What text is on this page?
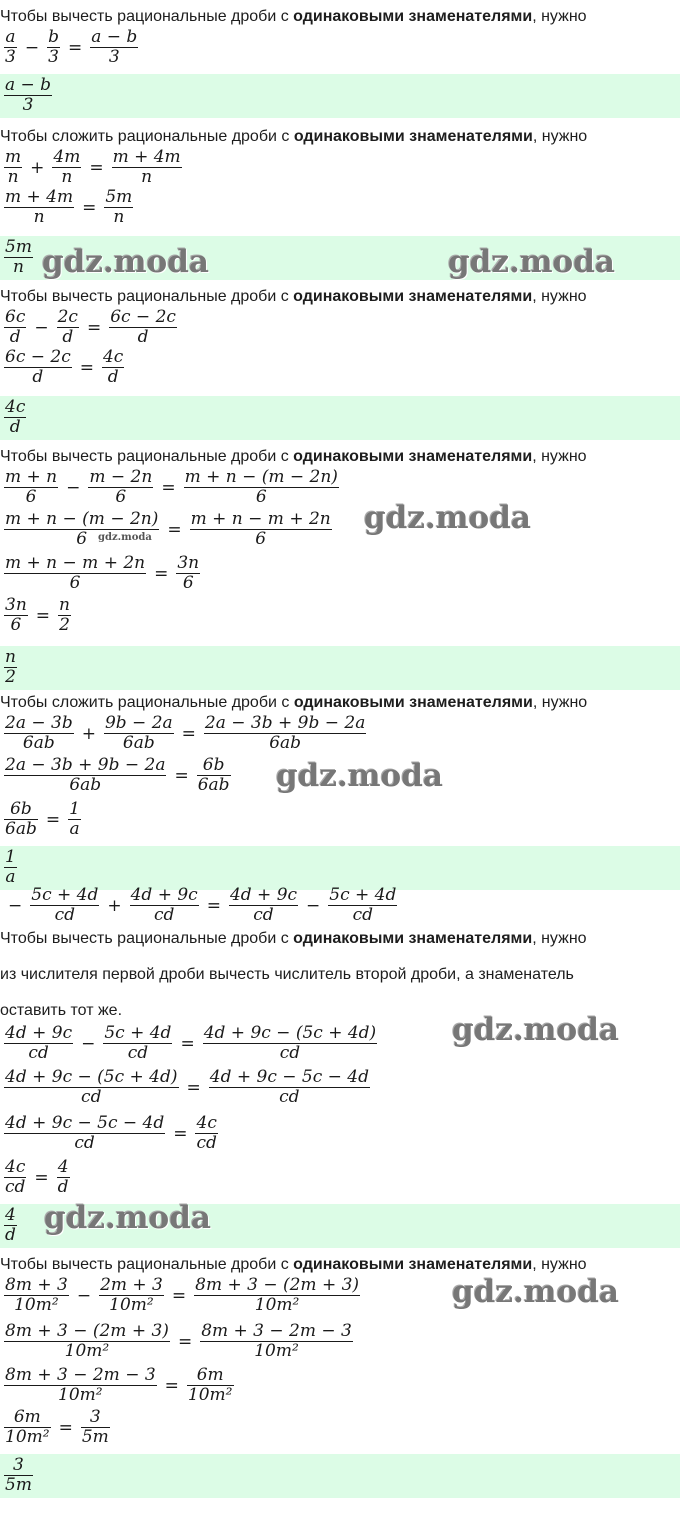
Чтобы вычесть рациональные дроби с одинаковыми знаменателями, нужно
$\frac{a}{3} - \frac{b}{3} = \frac{a - b}{3}$
$\frac{a - b}{3}$
Чтобы сложить рациональные дроби с одинаковыми знаменателями, нужно
$\frac{m}{n} + \frac{4m}{n} = \frac{m + 4m}{n}$
$\frac{m + 4m}{n} = \frac{5m}{n}$
$\frac{5m}{n}$
Чтобы вычесть рациональные дроби с одинаковыми знаменателями, нужно
$\frac{6c}{d} - \frac{2c}{d} = \frac{6c - 2c}{d}$
$\frac{6c - 2c}{d} = \frac{4c}{d}$
$\frac{4c}{d}$
Чтобы вычесть рациональные дроби с одинаковыми знаменателями, нужно
$\frac{m + n}{6} - \frac{m - 2n}{6} = \frac{m + n - (m - 2n)}{6}$
$\frac{m + n - (m - 2n)}{6} = \frac{m + n - m + 2n}{6}$
$\frac{m + n - m + 2n}{6} = \frac{3n}{6}$
$\frac{3n}{6} = \frac{n}{2}$
$\frac{n}{2}$
Чтобы сложить рациональные дроби с одинаковыми знаменателями, нужно
$\frac{2a - 3b}{6ab} + \frac{9b - 2a}{6ab} = \frac{2a - 3b + 9b - 2a}{6ab}$
$\frac{2a - 3b + 9b - 2a}{6ab} = \frac{6b}{6ab}$
$\frac{6b}{6ab} = \frac{1}{a}$
$\frac{1}{a}$
− $\frac{5c + 4d}{cd} + \frac{4d + 9c}{cd} = \frac{4d + 9c}{cd} - \frac{5c + 4d}{cd}$
Чтобы вычесть рациональные дроби с одинаковыми знаменателями, нужно
из числителя первой дроби вычесть числитель второй дроби, а знаменатель
оставить тот же.
$\frac{4d + 9c}{cd} - \frac{5c + 4d}{cd} = \frac{4d + 9c - (5c + 4d)}{cd}$
$\frac{4d + 9c - (5c + 4d)}{cd} = \frac{4d + 9c - 5c - 4d}{cd}$
$\frac{4d + 9c - 5c - 4d}{cd} = \frac{4c}{cd}$
$\frac{4c}{cd} = \frac{4}{d}$
$\frac{4}{d}$
Чтобы вычесть рациональные дроби с одинаковыми знаменателями, нужно
$\frac{8m + 3}{\text{10m²}} - \frac{2m + 3}{\text{10m²}} = \frac{8m + 3 - (2m + 3)}{\text{10m²}}$
$\frac{8m + 3 - (2m + 3)}{\text{10m²}} = \frac{8m + 3 - 2m - 3}{\text{10m²}}$
$\frac{8m + 3 - 2m - 3}{\text{10m²}} = \frac{6m}{\text{10m²}}$
$\frac{6m}{\text{10m²}} = \frac{3}{5m}$
$\frac{3}{5m}$
gdz.moda	gdz.moda
gdz.moda
gdz.moda
gdz.moda
gdz.moda
gdz.moda
gdz.moda
